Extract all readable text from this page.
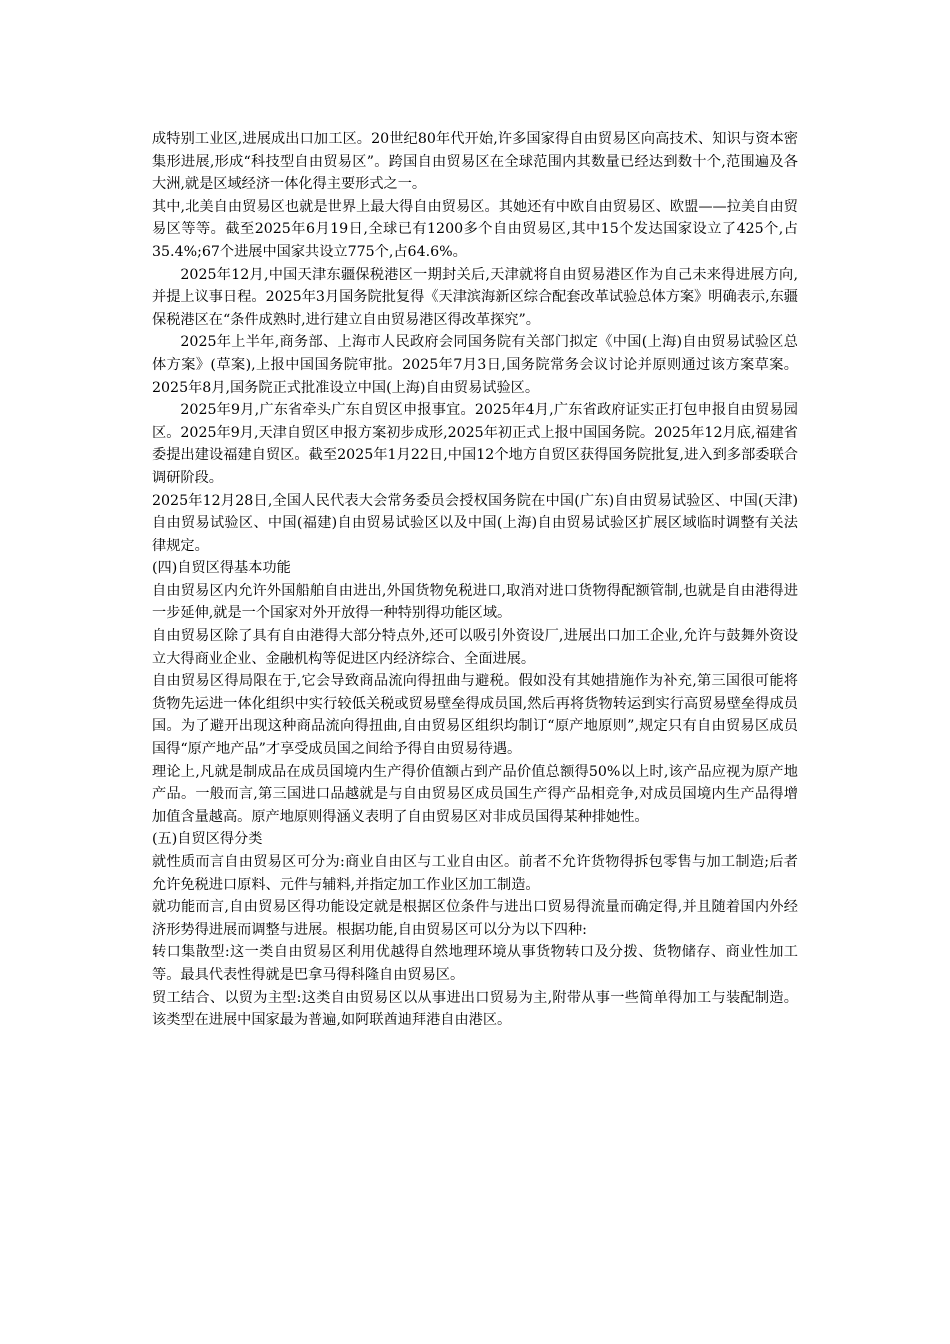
成特别工业区,进展成出口加工区。20世纪80年代开始,许多国家得自由贸易区向高技术、知识与资本密集形进展,形成“科技型自由贸易区”。跨国自由贸易区在全球范围内其数量已经达到数十个,范围遍及各大洲,就是区域经济一体化得主要形式之一。

其中,北美自由贸易区也就是世界上最大得自由贸易区。其她还有中欧自由贸易区、欧盟——拉美自由贸易区等等。截至2025年6月19日,全球已有1200多个自由贸易区,其中15个发达国家设立了425个,占35.4%;67个进展中国家共设立775个,占64.6%。

2025年12月,中国天津东疆保税港区一期封关后,天津就将自由贸易港区作为自己未来得进展方向,并提上议事日程。2025年3月国务院批复得《天津滨海新区综合配套改革试验总体方案》明确表示,东疆保税港区在“条件成熟时,进行建立自由贸易港区得改革探究”。

2025年上半年,商务部、上海市人民政府会同国务院有关部门拟定《中国(上海)自由贸易试验区总体方案》(草案),上报中国国务院审批。2025年7月3日,国务院常务会议讨论并原则通过该方案草案。2025年8月,国务院正式批准设立中国(上海)自由贸易试验区。

2025年9月,广东省牵头广东自贸区申报事宜。2025年4月,广东省政府证实正打包申报自由贸易园区。2025年9月,天津自贸区申报方案初步成形,2025年初正式上报中国国务院。2025年12月底,福建省委提出建设福建自贸区。截至2025年1月22日,中国12个地方自贸区获得国务院批复,进入到多部委联合调研阶段。

2025年12月28日,全国人民代表大会常务委员会授权国务院在中国(广东)自由贸易试验区、中国(天津)自由贸易试验区、中国(福建)自由贸易试验区以及中国(上海)自由贸易试验区扩展区域临时调整有关法律规定。

(四)自贸区得基本功能

自由贸易区内允许外国船舶自由进出,外国货物免税进口,取消对进口货物得配额管制,也就是自由港得进一步延伸,就是一个国家对外开放得一种特别得功能区域。

自由贸易区除了具有自由港得大部分特点外,还可以吸引外资设厂,进展出口加工企业,允许与鼓舞外资设立大得商业企业、金融机构等促进区内经济综合、全面进展。

自由贸易区得局限在于,它会导致商品流向得扭曲与避税。假如没有其她措施作为补充,第三国很可能将货物先运进一体化组织中实行较低关税或贸易壁垒得成员国,然后再将货物转运到实行高贸易壁垒得成员国。为了避开出现这种商品流向得扭曲,自由贸易区组织均制订“原产地原则”,规定只有自由贸易区成员国得“原产地产品”才享受成员国之间给予得自由贸易待遇。

理论上,凡就是制成品在成员国境内生产得价值额占到产品价值总额得50%以上时,该产品应视为原产地产品。一般而言,第三国进口品越就是与自由贸易区成员国生产得产品相竞争,对成员国境内生产品得增加值含量越高。原产地原则得涵义表明了自由贸易区对非成员国得某种排她性。

(五)自贸区得分类

就性质而言自由贸易区可分为:商业自由区与工业自由区。前者不允许货物得拆包零售与加工制造;后者允许免税进口原料、元件与辅料,并指定加工作业区加工制造。

就功能而言,自由贸易区得功能设定就是根据区位条件与进出口贸易得流量而确定得,并且随着国内外经济形势得进展而调整与进展。根据功能,自由贸易区可以分为以下四种:

转口集散型:这一类自由贸易区利用优越得自然地理环境从事货物转口及分拨、货物储存、商业性加工等。最具代表性得就是巴拿马得科隆自由贸易区。

贸工结合、以贸为主型:这类自由贸易区以从事进出口贸易为主,附带从事一些简单得加工与装配制造。该类型在进展中国家最为普遍,如阿联酋迪拜港自由港区。
